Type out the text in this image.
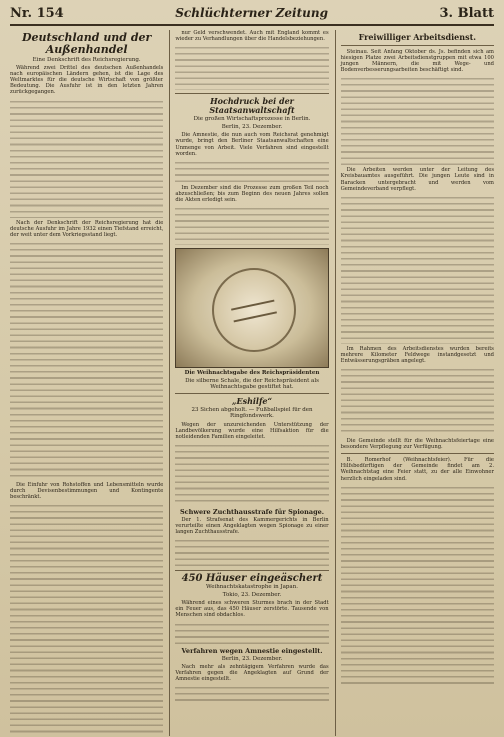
Nr. 154	Schlüchterner Zeitung	3. Blatt
Deutschland und der Außenhandel
Eine Denkschrift des Reichsregierung.

Während zwei Drittel des deutschen Außenhandels nach europäischen Ländern gehen, ist die Lage des Weltmarktes für die deutsche Wirtschaft von größter Bedeutung. Die Ausfuhr ist in den letzten Jahren zurückgegangen.

Nach der Denkschrift der Reichsregierung hat die deutsche Ausfuhr im Jahre 1932 einen Tiefstand erreicht, der weit unter dem Vorkriegsstand liegt.

Die Einfuhr von Rohstoffen und Lebensmitteln wurde durch Devisenbestimmungen und Kontingente beschränkt.

nur Geld verschwendet. Auch mit England kommt es wieder zu Verhandlungen über die Handelsbeziehungen.

Hochdruck bei der Staatsanwaltschaft
Die großen Wirtschaftsprozesse in Berlin.
Berlin, 23. Dezember.

Die Amnestie, die nun auch vom Reichsrat genehmigt wurde, bringt den Berliner Staatsanwaltschaften eine Unmenge von Arbeit. Viele Verfahren sind eingestellt worden.

Im Dezember sind die Prozesse zum großen Teil noch abzuschließen; bis zum Beginn des neuen Jahres sollen die Akten erledigt sein.

Die Weihnachtsgabe des Reichspräsidenten
Die silberne Schale, die der Reichspräsident als Weihnachtsgabe gestiftet hat.
„Eshilfe“
23 Sichen abgeholt. — Fußballspiel für den Ringfondswerk.

Wegen der unzureichenden Unterstützung der Landbevölkerung wurde eine Hilfsaktion für die notleidenden Familien eingeleitet.

Schwere Zuchthausstrafe für Spionage.

Der 1. Strafsenat des Kammergerichts in Berlin verurteilte einen Angeklagten wegen Spionage zu einer langen Zuchthausstrafe.

450 Häuser eingeäschert
Weihnachtskatastrophe in Japan.
Tokio, 23. Dezember.

Während eines schweren Sturmes brach in der Stadt ein Feuer aus, das 450 Häuser zerstörte. Tausende von Menschen sind obdachlos.

Verfahren wegen Amnestie eingestellt.
Berlin, 23. Dezember.

Nach mehr als zehntägigem Verfahren wurde das Verfahren gegen die Angeklagten auf Grund der Amnestie eingestellt.

Freiwilliger Arbeitsdienst.

Steinau. Seit Anfang Oktober ds. Js. befinden sich am hiesigen Platze zwei Arbeitsdienstgruppen mit etwa 100 jungen Männern, die mit Wege- und Bodenverbesserungsarbeiten beschäftigt sind.

Die Arbeiten werden unter der Leitung des Kreisbauamtes ausgeführt. Die jungen Leute sind in Baracken untergebracht und werden vom Gemeindeverband verpflegt.

Im Rahmen des Arbeitsdienstes wurden bereits mehrere Kilometer Feldwege instandgesetzt und Entwässerungsgräben angelegt.

Die Gemeinde stellt für die Weihnachtsfeiertage eine besondere Verpflegung zur Verfügung.

B. Romerhof (Weihnachtsfeier). Für die Hilfsbedürftigen der Gemeinde findet am 2. Weihnachtstag eine Feier statt, zu der alle Einwohner herzlich eingeladen sind.
